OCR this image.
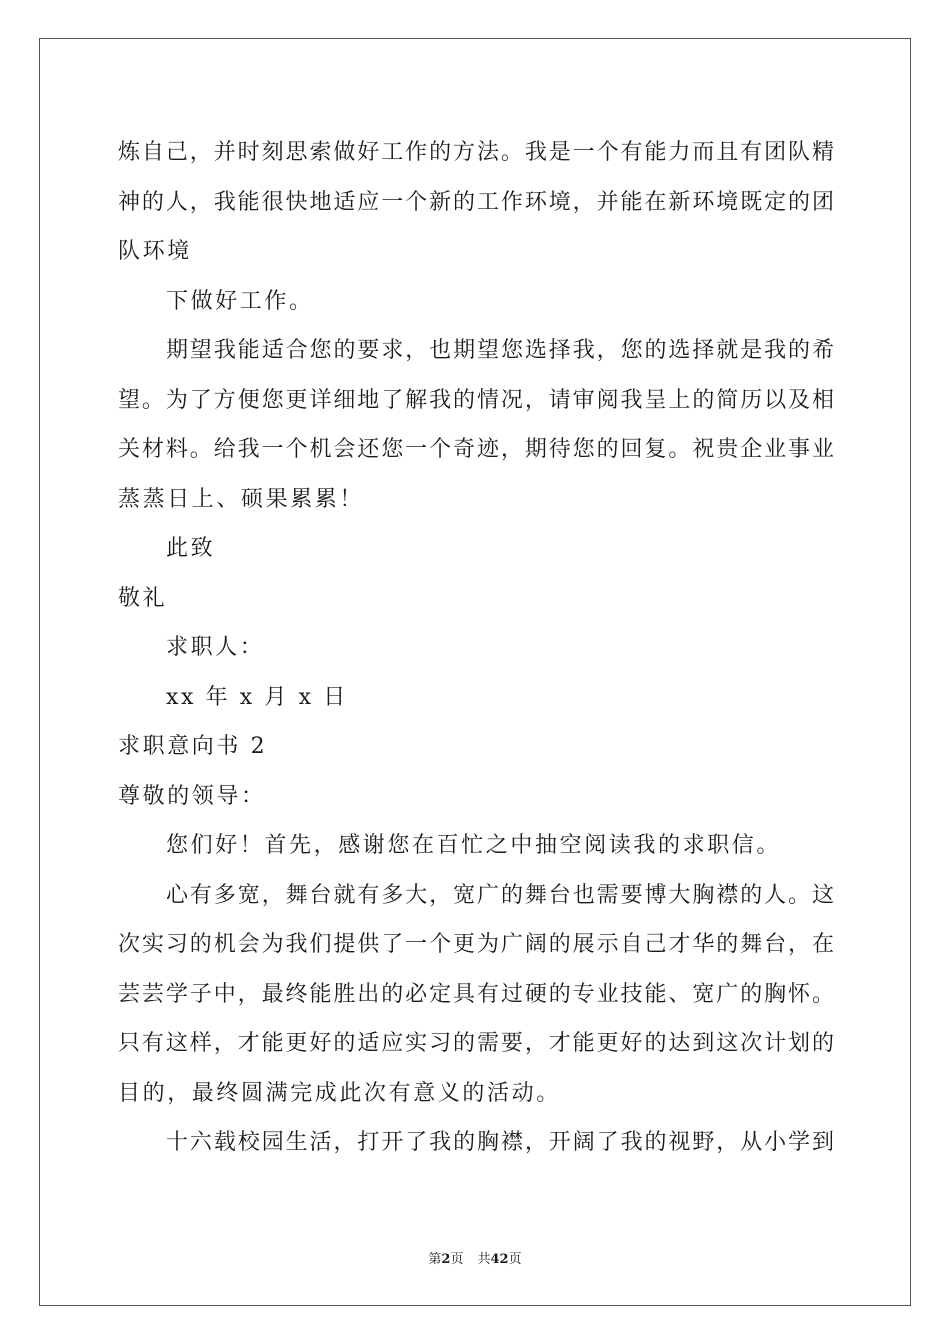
炼自己，并时刻思索做好工作的方法。我是一个有能力而且有团队精
神的人，我能很快地适应一个新的工作环境，并能在新环境既定的团
队环境
下做好工作。
期望我能适合您的要求，也期望您选择我，您的选择就是我的希
望。为了方便您更详细地了解我的情况，请审阅我呈上的简历以及相
关材料。给我一个机会还您一个奇迹，期待您的回复。祝贵企业事业
蒸蒸日上、硕果累累！
此致
敬礼
求职人：
xx 年 x 月 x 日
求职意向书 2
尊敬的领导：
您们好！首先，感谢您在百忙之中抽空阅读我的求职信。
心有多宽，舞台就有多大，宽广的舞台也需要博大胸襟的人。这
次实习的机会为我们提供了一个更为广阔的展示自己才华的舞台，在
芸芸学子中，最终能胜出的必定具有过硬的专业技能、宽广的胸怀。
只有这样，才能更好的适应实习的需要，才能更好的达到这次计划的
目的，最终圆满完成此次有意义的活动。
十六载校园生活，打开了我的胸襟，开阔了我的视野，从小学到
第2页 共42页
